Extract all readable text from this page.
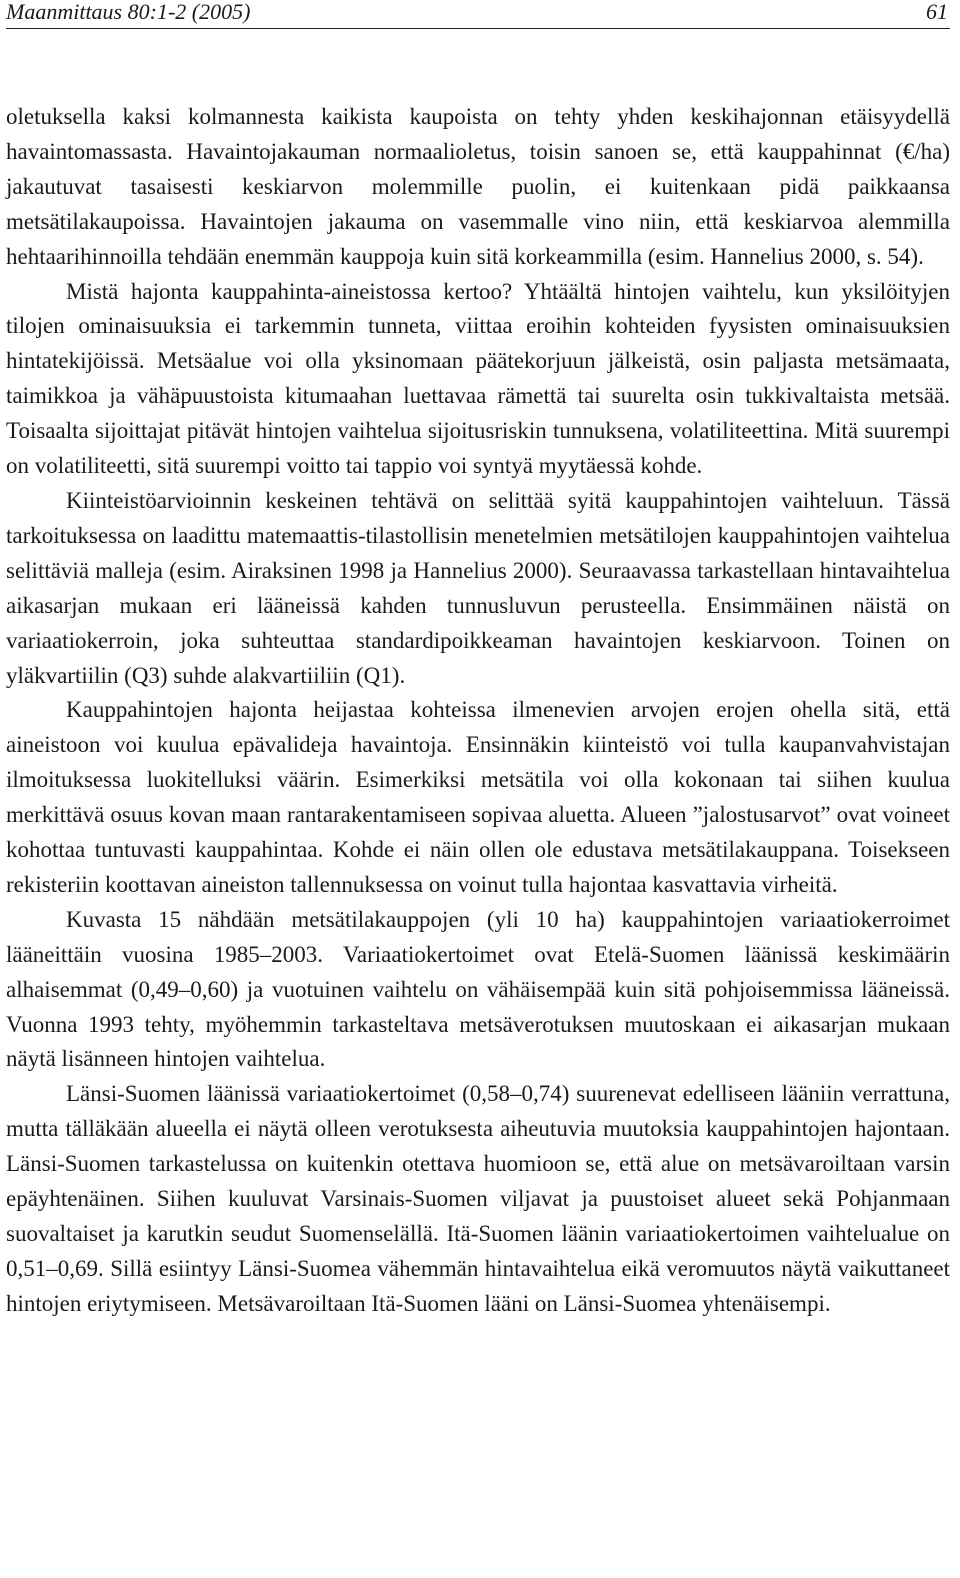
Maanmittaus 80:1-2 (2005)	61

oletuksella kaksi kolmannesta kaikista kaupoista on tehty yhden keskihajonnan etäisyydellä havaintomassasta. Havaintojakauman normaalioletus, toisin sanoen se, että kauppahinnat (€/ha) jakautuvat tasaisesti keskiarvon molemmille puolin, ei kuitenkaan pidä paikkaansa metsätilakaupoissa. Havaintojen jakauma on vasemmalle vino niin, että keskiarvoa alemmilla hehtaarihinnoilla tehdään enemmän kauppoja kuin sitä korkeammilla (esim. Hannelius 2000, s. 54).

Mistä hajonta kauppahinta-aineistossa kertoo? Yhtäältä hintojen vaihtelu, kun yksilöityjen tilojen ominaisuuksia ei tarkemmin tunneta, viittaa eroihin kohteiden fyysisten ominaisuuksien hintatekijöissä. Metsäalue voi olla yksinomaan päätekorjuun jälkeistä, osin paljasta metsämaata, taimikkoa ja vähäpuustoista kitumaahan luettavaa rämettä tai suurelta osin tukkivaltaista metsää. Toisaalta sijoittajat pitävät hintojen vaihtelua sijoitusriskin tunnuksena, volatiliteettina. Mitä suurempi on volatiliteetti, sitä suurempi voitto tai tappio voi syntyä myytäessä kohde.

Kiinteistöarvioinnin keskeinen tehtävä on selittää syitä kauppahintojen vaihteluun. Tässä tarkoituksessa on laadittu matemaattis-tilastollisin menetelmien metsätilojen kauppahintojen vaihtelua selittäviä malleja (esim. Airaksinen 1998 ja Hannelius 2000). Seuraavassa tarkastellaan hintavaihtelua aikasarjan mukaan eri lääneissä kahden tunnusluvun perusteella. Ensimmäinen näistä on variaatiokerroin, joka suhteuttaa standardipoikkeaman havaintojen keskiarvoon. Toinen on yläkvartiilin (Q3) suhde alakvartiiliin (Q1).

Kauppahintojen hajonta heijastaa kohteissa ilmenevien arvojen erojen ohella sitä, että aineistoon voi kuulua epävalideja havaintoja. Ensinnäkin kiinteistö voi tulla kaupanvahvistajan ilmoituksessa luokitelluksi väärin. Esimerkiksi metsätila voi olla kokonaan tai siihen kuulua merkittävä osuus kovan maan rantarakentamiseen sopivaa aluetta. Alueen ”jalostusarvot” ovat voineet kohottaa tuntuvasti kauppahintaa. Kohde ei näin ollen ole edustava metsätilakauppana. Toisekseen rekisteriin koottavan aineiston tallennuksessa on voinut tulla hajontaa kasvattavia virheitä.

Kuvasta 15 nähdään metsätilakauppojen (yli 10 ha) kauppahintojen variaatiokerroimet lääneittäin vuosina 1985–2003. Variaatiokertoimet ovat Etelä-Suomen läänissä keskimäärin alhaisemmat (0,49–0,60) ja vuotuinen vaihtelu on vähäisempää kuin sitä pohjoisemmissa lääneissä. Vuonna 1993 tehty, myöhemmin tarkasteltava metsäverotuksen muutoskaan ei aikasarjan mukaan näytä lisänneen hintojen vaihtelua.

Länsi-Suomen läänissä variaatiokertoimet (0,58–0,74) suurenevat edelliseen lääniin verrattuna, mutta tälläkään alueella ei näytä olleen verotuksesta aiheutuvia muutoksia kauppahintojen hajontaan. Länsi-Suomen tarkastelussa on kuitenkin otettava huomioon se, että alue on metsävaroiltaan varsin epäyhtenäinen. Siihen kuuluvat Varsinais-Suomen viljavat ja puustoiset alueet sekä Pohjanmaan suovaltaiset ja karutkin seudut Suomenselällä. Itä-Suomen läänin variaatiokertoimen vaihtelualue on 0,51–0,69. Sillä esiintyy Länsi-Suomea vähemmän hintavaihtelua eikä veromuutos näytä vaikuttaneet hintojen eriytymiseen. Metsävaroiltaan Itä-Suomen lääni on Länsi-Suomea yhtenäisempi.
